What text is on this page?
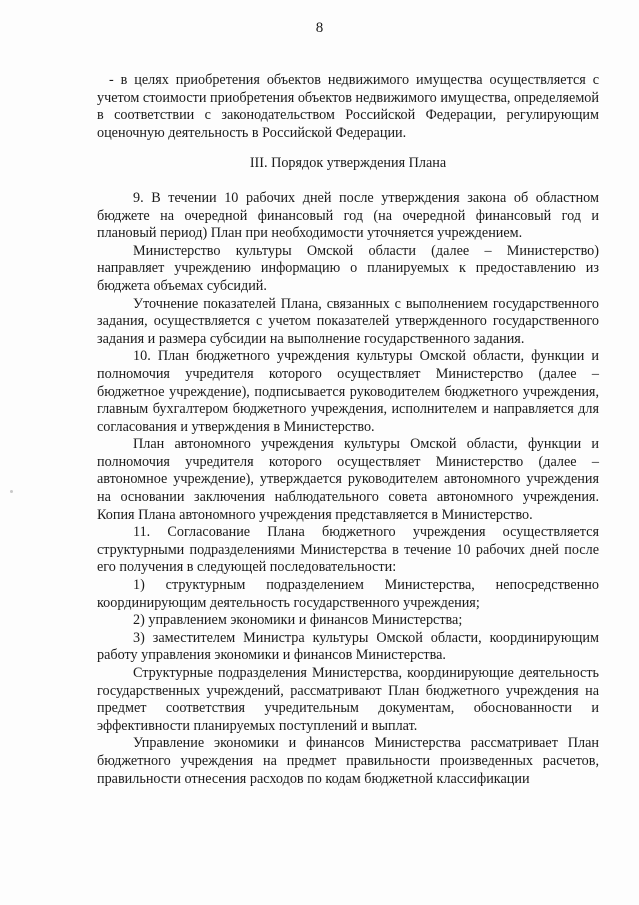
8

- в целях приобретения объектов недвижимого имущества осуществляется с учетом стоимости приобретения объектов недвижимого имущества, определяемой в соответствии с законодательством Российской Федерации, регулирующим оценочную деятельность в Российской Федерации.

III. Порядок утверждения Плана

9. В течении 10 рабочих дней после утверждения закона об областном бюджете на очередной финансовый год (на очередной финансовый год и плановый период) План при необходимости уточняется учреждением.

Министерство культуры Омской области (далее – Министерство) направляет учреждению информацию о планируемых к предоставлению из бюджета объемах субсидий.

Уточнение показателей Плана, связанных с выполнением государственного задания, осуществляется с учетом показателей утвержденного государственного задания и размера субсидии на выполнение государственного задания.

10. План бюджетного учреждения культуры Омской области, функции и полномочия учредителя которого осуществляет Министерство (далее – бюджетное учреждение), подписывается руководителем бюджетного учреждения, главным бухгалтером бюджетного учреждения, исполнителем и направляется для согласования и утверждения в Министерство.

План автономного учреждения культуры Омской области, функции и полномочия учредителя которого осуществляет Министерство (далее – автономное учреждение), утверждается руководителем автономного учреждения на основании заключения наблюдательного совета автономного учреждения. Копия Плана автономного учреждения представляется в Министерство.

11. Согласование Плана бюджетного учреждения осуществляется структурными подразделениями Министерства в течение 10 рабочих дней после его получения в следующей последовательности:

1) структурным подразделением Министерства, непосредственно координирующим деятельность государственного учреждения;

2) управлением экономики и финансов Министерства;

3) заместителем Министра культуры Омской области, координирующим работу управления экономики и финансов Министерства.

Структурные подразделения Министерства, координирующие деятельность государственных учреждений, рассматривают План бюджетного учреждения на предмет соответствия учредительным документам, обоснованности и эффективности планируемых поступлений и выплат.

Управление экономики и финансов Министерства рассматривает План бюджетного учреждения на предмет правильности произведенных расчетов, правильности отнесения расходов по кодам бюджетной классификации
